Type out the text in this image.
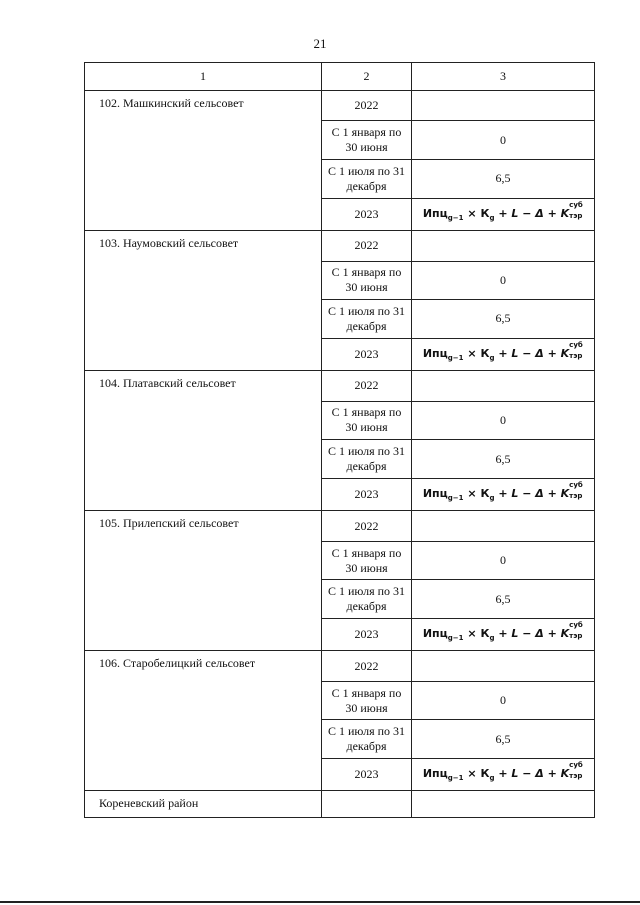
21
1	2	3
102. Машкинский сельсовет	2022	
	С 1 января по 30 июня	0
	С 1 июля по 31 декабря	6,5
	2023	$Ипц_{g-1} \times К_g + L - \Delta + K$
суб
тэр

103. Наумовский сельсовет	2022	
	С 1 января по 30 июня	0
	С 1 июля по 31 декабря	6,5
	2023	$Ипц_{g-1} \times К_g + L - \Delta + K$
суб
тэр

104. Платавский сельсовет	2022	
	С 1 января по 30 июня	0
	С 1 июля по 31 декабря	6,5
	2023	$Ипц_{g-1} \times К_g + L - \Delta + K$
суб
тэр

105. Прилепский сельсовет	2022	
	С 1 января по 30 июня	0
	С 1 июля по 31 декабря	6,5
	2023	$Ипц_{g-1} \times К_g + L - \Delta + K$
суб
тэр

106. Старобелицкий сельсовет	2022	
	С 1 января по 30 июня	0
	С 1 июля по 31 декабря	6,5
	2023	$Ипц_{g-1} \times К_g + L - \Delta + K$
суб
тэр

Кореневский район		
